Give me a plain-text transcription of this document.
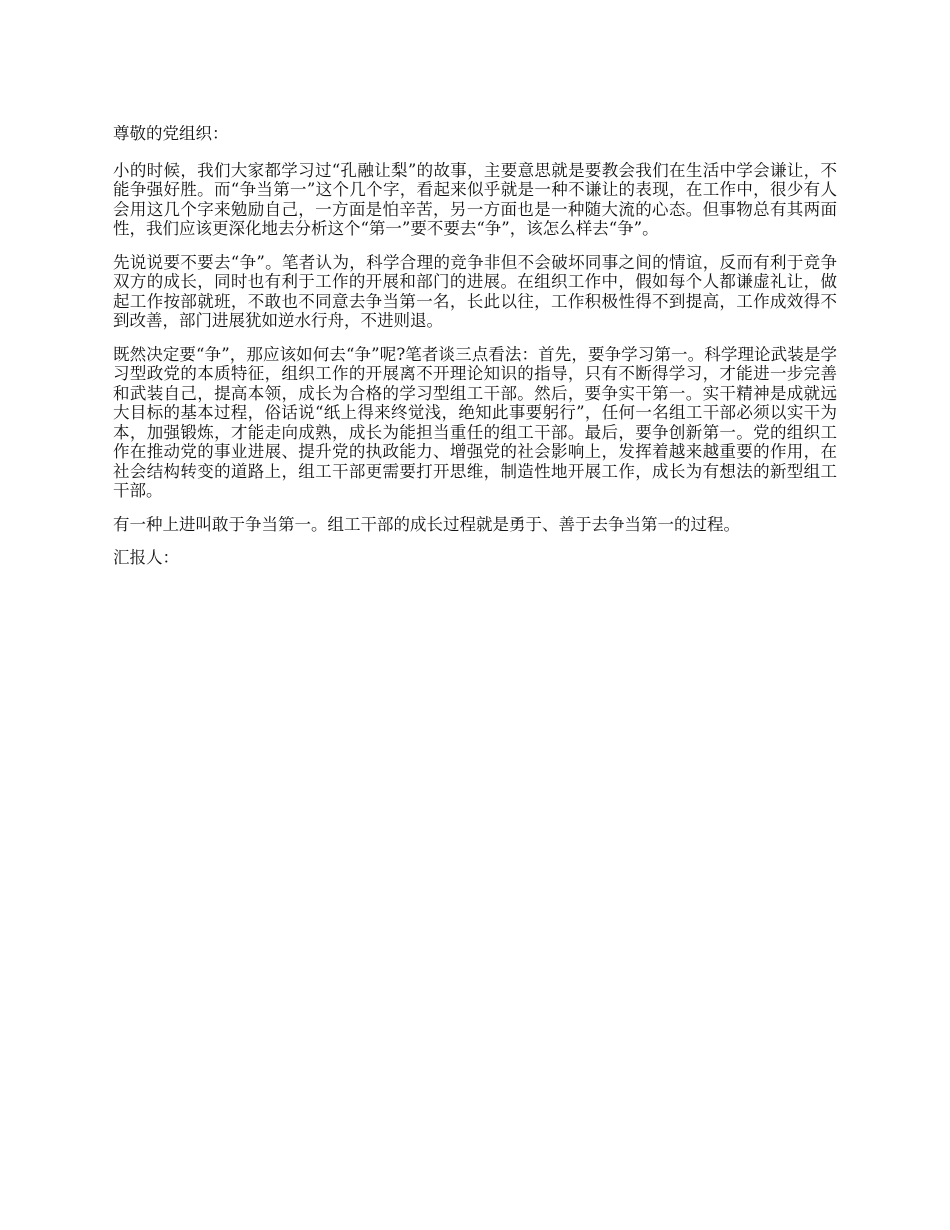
尊敬的党组织：

小的时候，我们大家都学习过“孔融让梨”的故事，主要意思就是要教会我们在生活中学会谦让，不能争强好胜。而“争当第一”这个几个字，看起来似乎就是一种不谦让的表现，在工作中，很少有人会用这几个字来勉励自己，一方面是怕辛苦，另一方面也是一种随大流的心态。但事物总有其两面性，我们应该更深化地去分析这个“第一”要不要去“争”，该怎么样去“争”。

先说说要不要去“争”。笔者认为，科学合理的竞争非但不会破坏同事之间的情谊，反而有利于竞争双方的成长，同时也有利于工作的开展和部门的进展。在组织工作中，假如每个人都谦虚礼让，做起工作按部就班，不敢也不同意去争当第一名，长此以往，工作积极性得不到提高，工作成效得不到改善，部门进展犹如逆水行舟，不进则退。

既然决定要“争”，那应该如何去“争”呢?笔者谈三点看法：首先，要争学习第一。科学理论武装是学习型政党的本质特征，组织工作的开展离不开理论知识的指导，只有不断得学习，才能进一步完善和武装自己，提高本领，成长为合格的学习型组工干部。然后，要争实干第一。实干精神是成就远大目标的基本过程，俗话说“纸上得来终觉浅，绝知此事要躬行”，任何一名组工干部必须以实干为本，加强锻炼，才能走向成熟，成长为能担当重任的组工干部。最后，要争创新第一。党的组织工作在推动党的事业进展、提升党的执政能力、增强党的社会影响上，发挥着越来越重要的作用，在社会结构转变的道路上，组工干部更需要打开思维，制造性地开展工作，成长为有想法的新型组工干部。

有一种上进叫敢于争当第一。组工干部的成长过程就是勇于、善于去争当第一的过程。

汇报人：
